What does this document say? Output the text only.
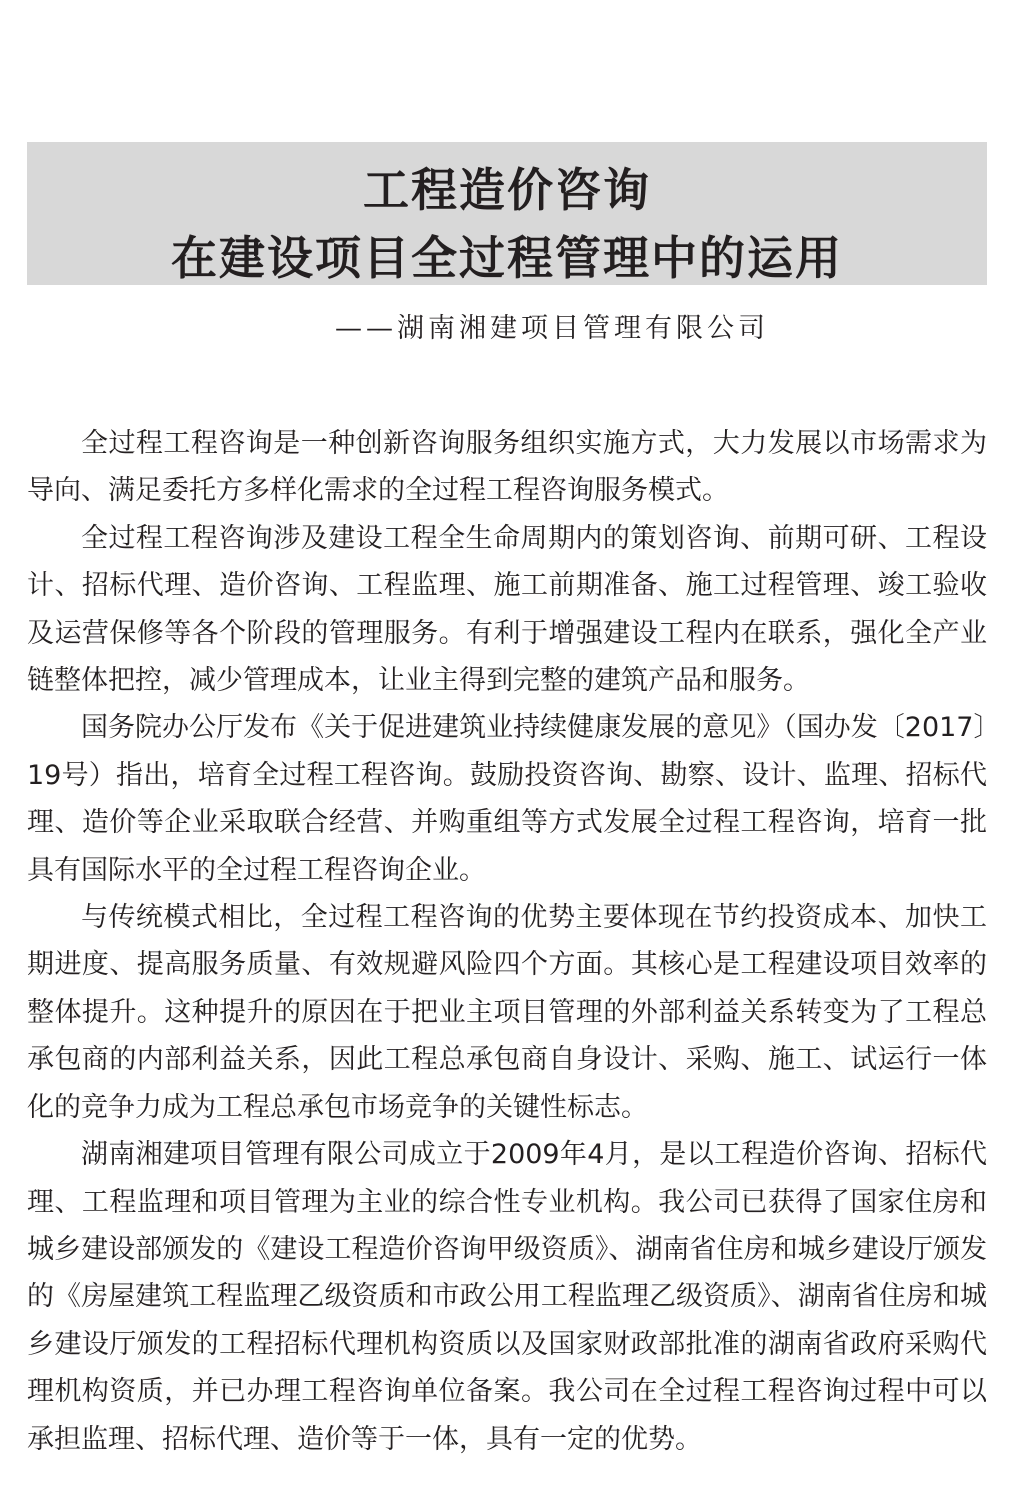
工程造价咨询
在建设项目全过程管理中的运用
——湖南湘建项目管理有限公司

全过程工程咨询是一种创新咨询服务组织实施方式，大力发展以市场需求为导向、满足委托方多样化需求的全过程工程咨询服务模式。

全过程工程咨询涉及建设工程全生命周期内的策划咨询、前期可研、工程设计、招标代理、造价咨询、工程监理、施工前期准备、施工过程管理、竣工验收及运营保修等各个阶段的管理服务。有利于增强建设工程内在联系，强化全产业链整体把控，减少管理成本，让业主得到完整的建筑产品和服务。

国务院办公厅发布《关于促进建筑业持续健康发展的意见》（国办发〔2017〕19号）指出，培育全过程工程咨询。鼓励投资咨询、勘察、设计、监理、招标代理、造价等企业采取联合经营、并购重组等方式发展全过程工程咨询，培育一批具有国际水平的全过程工程咨询企业。

与传统模式相比，全过程工程咨询的优势主要体现在节约投资成本、加快工期进度、提高服务质量、有效规避风险四个方面。其核心是工程建设项目效率的整体提升。这种提升的原因在于把业主项目管理的外部利益关系转变为了工程总承包商的内部利益关系，因此工程总承包商自身设计、采购、施工、试运行一体化的竞争力成为工程总承包市场竞争的关键性标志。

湖南湘建项目管理有限公司成立于2009年4月，是以工程造价咨询、招标代理、工程监理和项目管理为主业的综合性专业机构。我公司已获得了国家住房和城乡建设部颁发的《建设工程造价咨询甲级资质》、湖南省住房和城乡建设厅颁发的《房屋建筑工程监理乙级资质和市政公用工程监理乙级资质》、湖南省住房和城乡建设厅颁发的工程招标代理机构资质以及国家财政部批准的湖南省政府采购代理机构资质，并已办理工程咨询单位备案。我公司在全过程工程咨询过程中可以承担监理、招标代理、造价等于一体，具有一定的优势。
